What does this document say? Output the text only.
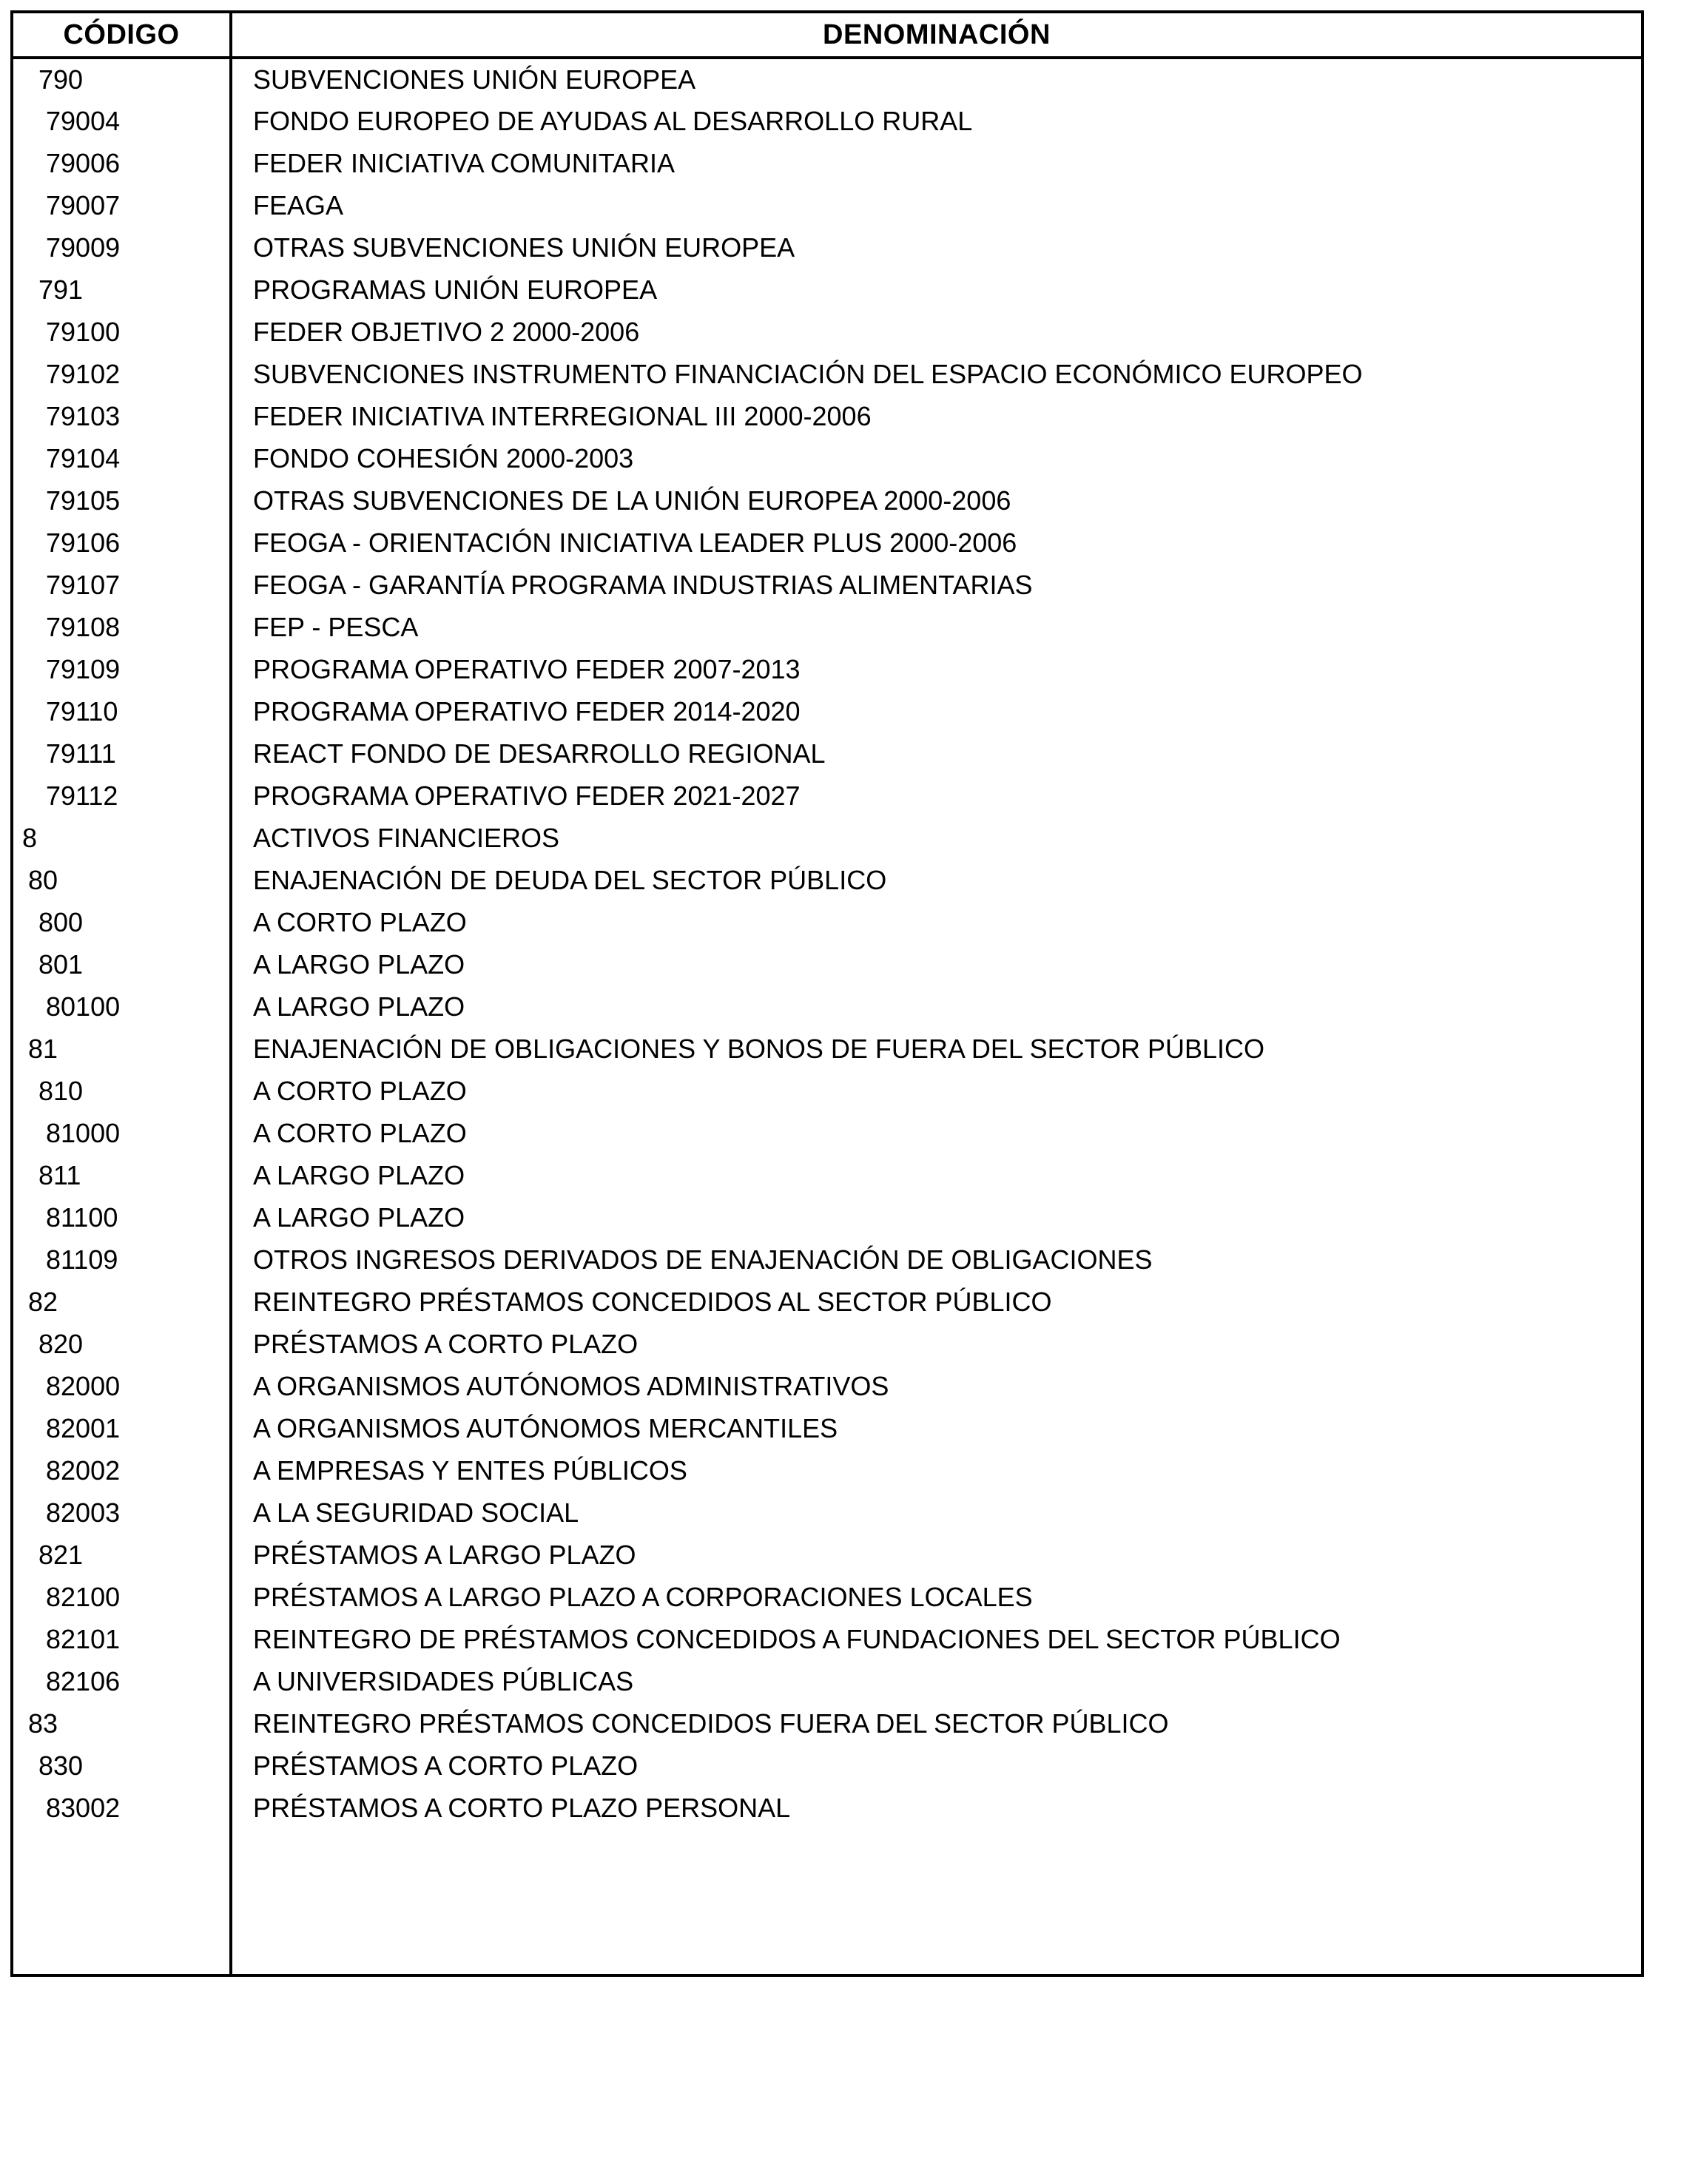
CÓDIGO	DENOMINACIÓN
790	SUBVENCIONES UNIÓN EUROPEA
79004	FONDO EUROPEO DE AYUDAS AL DESARROLLO RURAL
79006	FEDER INICIATIVA COMUNITARIA
79007	FEAGA
79009	OTRAS SUBVENCIONES UNIÓN EUROPEA
791	PROGRAMAS UNIÓN EUROPEA
79100	FEDER OBJETIVO 2 2000-2006
79102	SUBVENCIONES INSTRUMENTO FINANCIACIÓN DEL ESPACIO ECONÓMICO EUROPEO
79103	FEDER INICIATIVA INTERREGIONAL III 2000-2006
79104	FONDO COHESIÓN 2000-2003
79105	OTRAS SUBVENCIONES DE LA UNIÓN EUROPEA 2000-2006
79106	FEOGA - ORIENTACIÓN INICIATIVA LEADER PLUS 2000-2006
79107	FEOGA - GARANTÍA PROGRAMA INDUSTRIAS ALIMENTARIAS
79108	FEP - PESCA
79109	PROGRAMA OPERATIVO FEDER 2007-2013
79110	PROGRAMA OPERATIVO FEDER 2014-2020
79111	REACT FONDO DE DESARROLLO REGIONAL
79112	PROGRAMA OPERATIVO FEDER 2021-2027
8	ACTIVOS FINANCIEROS
80	ENAJENACIÓN DE DEUDA DEL SECTOR PÚBLICO
800	A CORTO PLAZO
801	A LARGO PLAZO
80100	A LARGO PLAZO
81	ENAJENACIÓN DE OBLIGACIONES Y BONOS DE FUERA DEL SECTOR PÚBLICO
810	A CORTO PLAZO
81000	A CORTO PLAZO
811	A LARGO PLAZO
81100	A LARGO PLAZO
81109	OTROS INGRESOS DERIVADOS DE ENAJENACIÓN DE OBLIGACIONES
82	REINTEGRO PRÉSTAMOS CONCEDIDOS AL SECTOR PÚBLICO
820	PRÉSTAMOS A CORTO PLAZO
82000	A ORGANISMOS AUTÓNOMOS ADMINISTRATIVOS
82001	A ORGANISMOS AUTÓNOMOS MERCANTILES
82002	A EMPRESAS Y ENTES PÚBLICOS
82003	A LA SEGURIDAD SOCIAL
821	PRÉSTAMOS A LARGO PLAZO
82100	PRÉSTAMOS A LARGO PLAZO A CORPORACIONES LOCALES
82101	REINTEGRO DE PRÉSTAMOS CONCEDIDOS A FUNDACIONES DEL SECTOR PÚBLICO
82106	A UNIVERSIDADES PÚBLICAS
83	REINTEGRO PRÉSTAMOS CONCEDIDOS FUERA DEL SECTOR PÚBLICO
830	PRÉSTAMOS A CORTO PLAZO
83002	PRÉSTAMOS A CORTO PLAZO PERSONAL
